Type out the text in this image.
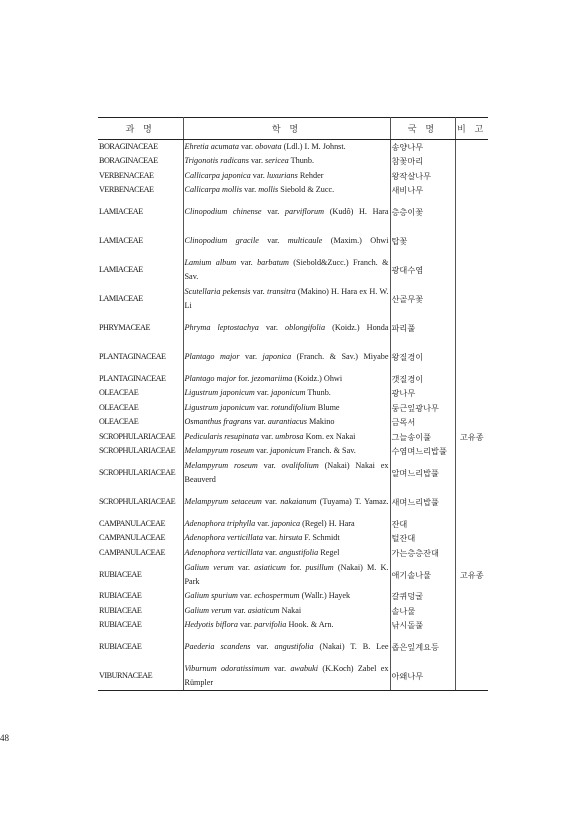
과 명	학 명	국 명	비 고
BORAGINACEAE	Ehretia acumata var. obovata (Ldl.) I. M. Johnst.	송양나무	
BORAGINACEAE	Trigonotis radicans var. sericea Thunb.	참꽃마리	
VERBENACEAE	Callicarpa japonica var. luxurians Rehder	왕작살나무	
VERBENACEAE	Callicarpa mollis var. mollis Siebold & Zucc.	새비나무	
LAMIACEAE	Clinopodium chinense var. parviflorum (Kudô) H. Hara	층층이꽃	
LAMIACEAE	Clinopodium gracile var. multicaule (Maxim.) Ohwi	탑꽃	
LAMIACEAE	Lamium album var. barbatum (Siebold&Zucc.) Franch. & Sav.	광대수염	
LAMIACEAE	Scutellaria pekensis var. transitra (Makino) H. Hara ex H. W. Li	산골무꽃	
PHRYMACEAE	Phryma leptostachya var. oblongifolia (Koidz.) Honda	파리풀	
PLANTAGINACEAE	Plantago major var. japonica (Franch. & Sav.) Miyabe	왕질경이	
PLANTAGINACEAE	Plantago major for. jezomariima (Koidz.) Ohwi	갯질경이	
OLEACEAE	Ligustrum japonicum var. japonicum Thunb.	광나무	
OLEACEAE	Ligustrum japonicum var. rotundifolium Blume	둥근잎광나무	
OLEACEAE	Osmanthus fragrans var. aurantiacus Makino	금목서	
SCROPHULARIACEAE	Pedicularis resupinata var. umbrosa Kom. ex Nakai	그늘송이풀	고유종
SCROPHULARIACEAE	Melampyrum roseum var. japonicum Franch. & Sav.	수염며느리밥풀	
SCROPHULARIACEAE	Melampyrum roseum var. ovalifolium (Nakai) Nakai ex Beauverd	알며느리밥풀	
SCROPHULARIACEAE	Melampyrum setaceum var. nakaianum (Tuyama) T. Yamaz.	새며느리밥풀	
CAMPANULACEAE	Adenophora triphylla var. japonica (Regel) H. Hara	잔대	
CAMPANULACEAE	Adenophora verticillata var. hirsuta F. Schmidt	털잔대	
CAMPANULACEAE	Adenophora verticillata var. angustifolia Regel	가는층층잔대	
RUBIACEAE	Galium verum var. asiaticum for. pusillum (Nakai) M. K. Park	애기솔나물	고유종
RUBIACEAE	Galium spurium var. echospermum (Wallr.) Hayek	갈퀴덩굴	
RUBIACEAE	Galium verum var. asiaticum Nakai	솔나물	
RUBIACEAE	Hedyotis biflora var. parvifolia Hook. & Arn.	낚시돌풀	
RUBIACEAE	Paederia scandens var. angustifolia (Nakai) T. B. Lee	좁은잎계요등	
VIBURNACEAE	Viburnum odoratissimum var. awabuki (K.Koch) Zabel ex Rümpler	아왜나무	
48
